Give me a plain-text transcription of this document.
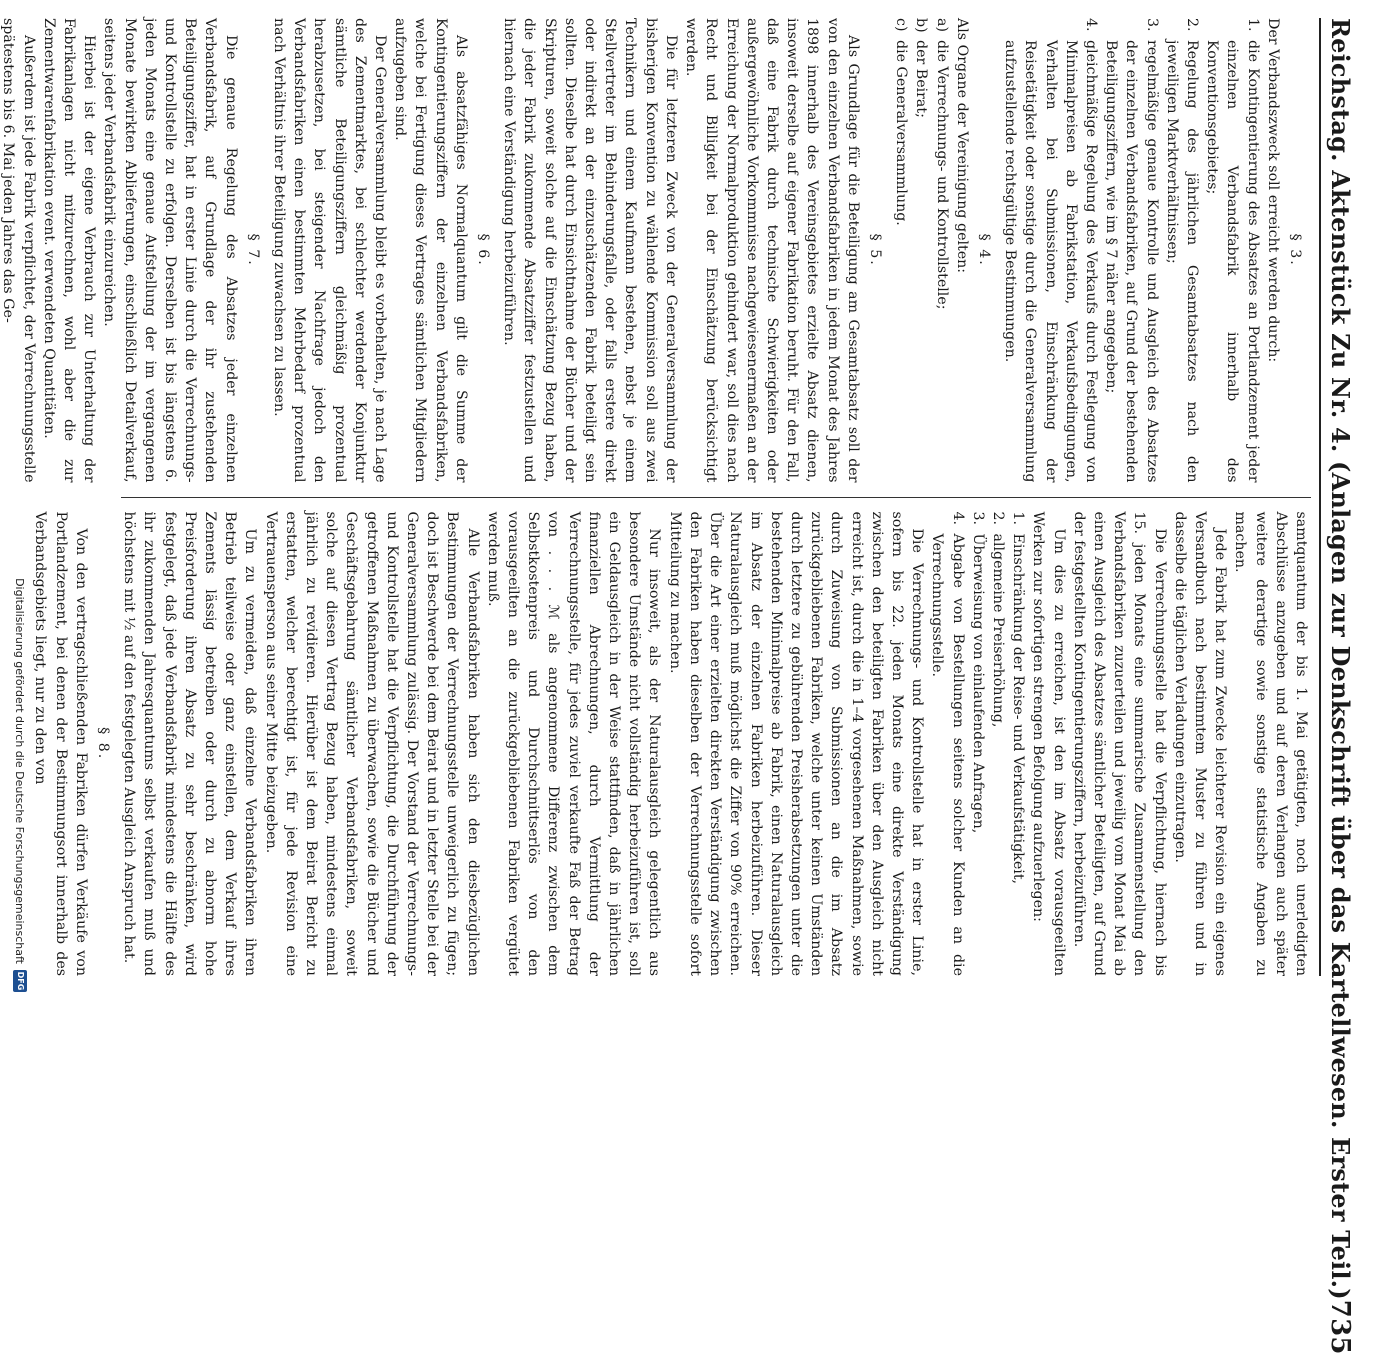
Reichstag. Aktenstück Zu Nr. 4. (Anlagen zur Denkschrift über das Kartellwesen. Erster Teil.)
735
§ 3.

Der Verbandszweck soll erreicht werden durch:

1.
die Kontingentierung des Absatzes an Portlandzement jeder einzelnen Verbandsfabrik innerhalb des Konventionsgebietes;
2.
Regelung des jährlichen Gesamtabsatzes nach den jeweiligen Marktverhältnissen;
3.
regelmäßige genaue Kontrolle und Ausgleich des Absatzes der einzelnen Verbandsfabriken, auf Grund der bestehenden Beteiligungsziffern, wie im § 7 näher angegeben;
4.
gleichmäßige Regelung des Verkaufs durch Festlegung von Minimalpreisen ab Fabrikstation, Verkaufsbedingungen, Verhalten bei Submissionen, Einschränkung der Reisetätigkeit oder sonstige durch die Generalversammlung aufzustellende rechtsgültige Bestimmungen.
§ 4.

Als Organe der Vereinigung gelten:

a)
die Verrechnungs- und Kontrollstelle;
b)
der Beirat;
c)
die Generalversammlung.
§ 5.

Als Grundlage für die Beteiligung am Gesamtabsatz soll der von den einzelnen Verbandsfabriken in jedem Monat des Jahres 1898 innerhalb des Vereinsgebietes erzielte Absatz dienen, insoweit derselbe auf eigener Fabrikation beruht. Für den Fall, daß eine Fabrik durch technische Schwierigkeiten oder außergewöhnliche Vorkommnisse nachgewiesenermaßen an der Erreichung der Normalproduktion gehindert war, soll dies nach Recht und Billigkeit bei der Einschätzung berücksichtigt werden.

Die für letzteren Zweck von der Generalversammlung der bisherigen Konvention zu wählende Kommission soll aus zwei Technikern und einem Kaufmann bestehen, nebst je einem Stellvertreter im Behinderungsfalle, oder falls erstere direkt oder indirekt an der einzuschätzenden Fabrik beteiligt sein sollten. Dieselbe hat durch Einsichtnahme der Bücher und der Skripturen, soweit solche auf die Einschätzung Bezug haben, die jeder Fabrik zukommende Absatzziffer festzustellen und hiernach eine Verständigung herbeizuführen.

§ 6.

Als absatzfähiges Normalquantum gilt die Summe der Kontingentierungsziffern der einzelnen Verbandsfabriken, welche bei Fertigung dieses Vertrages sämtlichen Mitgliedern aufzugeben sind.

Der Generalversammlung bleibt es vorbehalten, je nach Lage des Zementmarktes, bei schlechter werdender Konjunktur sämtliche Beteiligungsziffern gleichmäßig prozentual herabzusetzen, bei steigender Nachfrage jedoch den Verbandsfabriken einen bestimmten Mehrbedarf prozentual nach Verhältnis ihrer Beteiligung zuwachsen zu lassen.

§ 7.

Die genaue Regelung des Absatzes jeder einzelnen Verbandsfabrik, auf Grundlage der ihr zustehenden Beteiligungsziffer, hat in erster Linie durch die Verrechnungs- und Kontrollstelle zu erfolgen. Derselben ist bis längstens 6. jeden Monats eine genaue Aufstellung der im vergangenen Monate bewirkten Ablieferungen, einschließlich Detailverkauf, seitens jeder Verbandsfabrik einzureichen.

Hierbei ist der eigene Verbrauch zur Unterhaltung der Fabrikanlagen nicht mitzurechnen, wohl aber die zur Zementwarenfabrikation event. verwendeten Quantitäten.

Außerdem ist jede Fabrik verpflichtet, der Verrechnungsstelle spätestens bis 6. Mai jeden Jahres das Ge-

samtquantum der bis 1. Mai getätigten, noch unerledigten Abschlüsse anzugeben und auf deren Verlangen auch später weitere derartige sowie sonstige statistische Angaben zu machen.

Jede Fabrik hat zum Zwecke leichterer Revision ein eigenes Versandbuch nach bestimmtem Muster zu führen und in dasselbe die täglichen Verladungen einzutragen.

Die Verrechnungsstelle hat die Verpflichtung, hiernach bis 15. jeden Monats eine summarische Zusammenstellung den Verbandsfabriken zuzuerteilen und jeweilig vom Monat Mai ab einen Ausgleich des Absatzes sämtlicher Beteiligten, auf Grund der festgestellten Kontingentierungsziffern, herbeizuführen.

Um dies zu erreichen, ist den im Absatz vorausgeeilten Werken zur sofortigen strengen Befolgung aufzuerlegen:

1.
Einschränkung der Reise- und Verkaufstätigkeit,
2.
allgemeine Preiserhöhung,
3.
Überweisung von einlaufenden Anfragen,
4.
Abgabe von Bestellungen seitens solcher Kunden an die Verrechnungsstelle.

Die Verrechnungs- und Kontrollstelle hat in erster Linie, sofern bis 22. jeden Monats eine direkte Verständigung zwischen den beteiligten Fabriken über den Ausgleich nicht erreicht ist, durch die in 1–4 vorgesehenen Maßnahmen, sowie durch Zuweisung von Submissionen an die im Absatz zurückgebliebenen Fabriken, welche unter keinen Umständen durch letztere zu gebührenden Preisherabsetzungen unter die bestehenden Minimalpreise ab Fabrik, einen Naturalausgleich im Absatz der einzelnen Fabriken herbeizuführen. Dieser Naturalausgleich muß möglichst die Ziffer von 90% erreichen. Über die Art einer erzielten direkten Verständigung zwischen den Fabriken haben dieselben der Verrechnungsstelle sofort Mitteilung zu machen.

Nur insoweit, als der Naturalausgleich gelegentlich aus besondere Umstände nicht vollständig herbeizuführen ist, soll ein Geldausgleich in der Weise stattfinden, daß in jährlichen finanziellen Abrechnungen, durch Vermittlung der Verrechnungsstelle, für jedes zuviel verkaufte Faß der Betrag von . . . ℳ als angenommene Differenz zwischen dem Selbstkostenpreis und Durchschnittserlös von den vorausgeeilten an die zurückgebliebenen Fabriken vergütet werden muß.

Alle Verbandsfabriken haben sich den diesbezüglichen Bestimmungen der Verrechnungsstelle unweigerlich zu fügen; doch ist Beschwerde bei dem Beirat und in letzter Stelle bei der Generalversammlung zulässig. Der Vorstand der Verrechnungs- und Kontrollstelle hat die Verpflichtung, die Durchführung der getroffenen Maßnahmen zu überwachen, sowie die Bücher und Geschäftsgebahrung sämtlicher Verbandsfabriken, soweit solche auf diesen Vertrag Bezug haben, mindestens einmal jährlich zu revidieren. Hierüber ist dem Beirat Bericht zu erstatten, welcher berechtigt ist, für jede Revision eine Vertrauensperson aus seiner Mitte beizugeben.

Um zu vermeiden, daß einzelne Verbandsfabriken ihren Betrieb teilweise oder ganz einstellen, dem Verkauf ihres Zements lässig betreiben oder durch zu abnorm hohe Preisforderung ihren Absatz zu sehr beschränken, wird festgelegt, daß jede Verbandsfabrik mindestens die Hälfte des ihr zukommenden Jahresquantums selbst verkaufen muß und höchstens mit ½ auf den festgelegten Ausgleich Anspruch hat.

§ 8.

Von den vertragschließenden Fabriken dürfen Verkäufe von Portlandzement, bei denen der Bestimmungsort innerhalb des Verbandsgebiets liegt, nur zu den von

Digitalisierung gefördert durch die Deutsche Forschungsgemeinschaft
DFG
